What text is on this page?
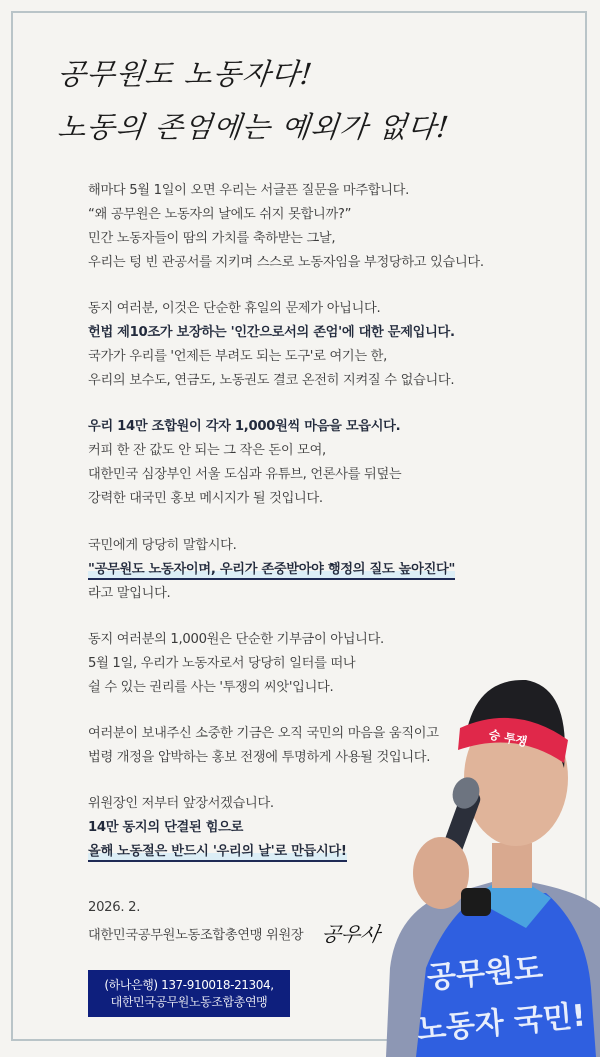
공무원도 노동자다!
노동의 존엄에는 예외가 없다!
해마다 5월 1일이 오면 우리는 서글픈 질문을 마주합니다.
“왜 공무원은 노동자의 날에도 쉬지 못합니까?”
민간 노동자들이 땀의 가치를 축하받는 그날,
우리는 텅 빈 관공서를 지키며 스스로 노동자임을 부정당하고 있습니다.
동지 여러분, 이것은 단순한 휴일의 문제가 아닙니다.
헌법 제10조가 보장하는 '인간으로서의 존엄'에 대한 문제입니다.
국가가 우리를 '언제든 부려도 되는 도구'로 여기는 한,
우리의 보수도, 연금도, 노동권도 결코 온전히 지켜질 수 없습니다.
우리 14만 조합원이 각자 1,000원씩 마음을 모읍시다.
커피 한 잔 값도 안 되는 그 작은 돈이 모여,
대한민국 심장부인 서울 도심과 유튜브, 언론사를 뒤덮는
강력한 대국민 홍보 메시지가 될 것입니다.
국민에게 당당히 말합시다.
"공무원도 노동자이며, 우리가 존중받아야 행정의 질도 높아진다"
라고 말입니다.
동지 여러분의 1,000원은 단순한 기부금이 아닙니다.
5월 1일, 우리가 노동자로서 당당히 일터를 떠나
쉴 수 있는 권리를 사는 '투쟁의 씨앗'입니다.
여러분이 보내주신 소중한 기금은 오직 국민의 마음을 움직이고
법령 개정을 압박하는 홍보 전쟁에 투명하게 사용될 것입니다.
위원장인 저부터 앞장서겠습니다.
14만 동지의 단결된 힘으로
올해 노동절은 반드시 '우리의 날'로 만듭시다!
2026. 2.
대한민국공무원노동조합총연맹 위원장 공우사
(하나은행) 137-910018-21304,
대한민국공무원노동조합총연맹
승 투쟁
공무원도
노동자 국민!
